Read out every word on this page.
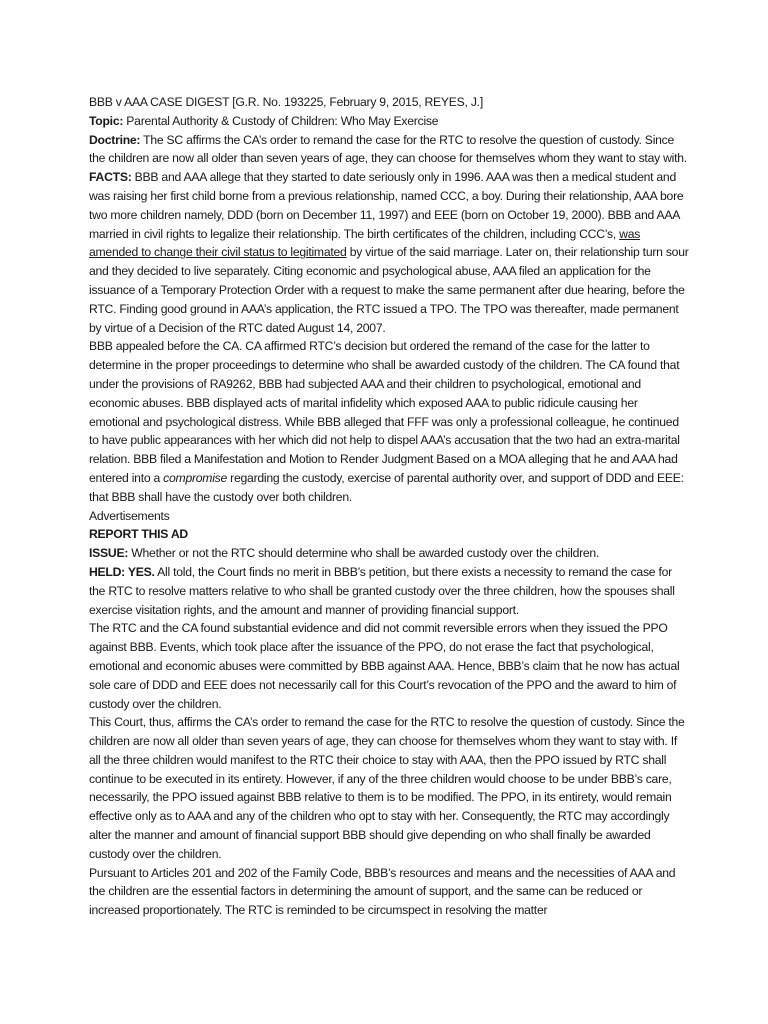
BBB v AAA CASE DIGEST [G.R. No. 193225, February 9, 2015, REYES, J.]

Topic: Parental Authority & Custody of Children: Who May Exercise

Doctrine: The SC affirms the CA’s order to remand the case for the RTC to resolve the question of custody. Since the children are now all older than seven years of age, they can choose for themselves whom they want to stay with.

FACTS: BBB and AAA allege that they started to date seriously only in 1996. AAA was then a medical student and was raising her first child borne from a previous relationship, named CCC, a boy. During their relationship, AAA bore two more children namely, DDD (born on December 11, 1997) and EEE (born on October 19, 2000). BBB and AAA married in civil rights to legalize their relationship. The birth certificates of the children, including CCC’s, was amended to change their civil status to legitimated by virtue of the said marriage. Later on, their relationship turn sour and they decided to live separately. Citing economic and psychological abuse, AAA filed an application for the issuance of a Temporary Protection Order with a request to make the same permanent after due hearing, before the RTC. Finding good ground in AAA’s application, the RTC issued a TPO. The TPO was thereafter, made permanent by virtue of a Decision of the RTC dated August 14, 2007.

BBB appealed before the CA. CA affirmed RTC’s decision but ordered the remand of the case for the latter to determine in the proper proceedings to determine who shall be awarded custody of the children. The CA found that under the provisions of RA9262, BBB had subjected AAA and their children to psychological, emotional and economic abuses. BBB displayed acts of marital infidelity which exposed AAA to public ridicule causing her emotional and psychological distress. While BBB alleged that FFF was only a professional colleague, he continued to have public appearances with her which did not help to dispel AAA’s accusation that the two had an extra-marital relation. BBB filed a Manifestation and Motion to Render Judgment Based on a MOA alleging that he and AAA had entered into a compromise regarding the custody, exercise of parental authority over, and support of DDD and EEE: that BBB shall have the custody over both children.

Advertisements

REPORT THIS AD

ISSUE: Whether or not the RTC should determine who shall be awarded custody over the children.

HELD: YES. All told, the Court finds no merit in BBB’s petition, but there exists a necessity to remand the case for the RTC to resolve matters relative to who shall be granted custody over the three children, how the spouses shall exercise visitation rights, and the amount and manner of providing financial support.

The RTC and the CA found substantial evidence and did not commit reversible errors when they issued the PPO against BBB. Events, which took place after the issuance of the PPO, do not erase the fact that psychological, emotional and economic abuses were committed by BBB against AAA. Hence, BBB’s claim that he now has actual sole care of DDD and EEE does not necessarily call for this Court’s revocation of the PPO and the award to him of custody over the children.

This Court, thus, affirms the CA’s order to remand the case for the RTC to resolve the question of custody. Since the children are now all older than seven years of age, they can choose for themselves whom they want to stay with. If all the three children would manifest to the RTC their choice to stay with AAA, then the PPO issued by RTC shall continue to be executed in its entirety. However, if any of the three children would choose to be under BBB’s care, necessarily, the PPO issued against BBB relative to them is to be modified. The PPO, in its entirety, would remain effective only as to AAA and any of the children who opt to stay with her. Consequently, the RTC may accordingly alter the manner and amount of financial support BBB should give depending on who shall finally be awarded custody over the children.

Pursuant to Articles 201 and 202 of the Family Code, BBB’s resources and means and the necessities of AAA and the children are the essential factors in determining the amount of support, and the same can be reduced or increased proportionately. The RTC is reminded to be circumspect in resolving the matter
